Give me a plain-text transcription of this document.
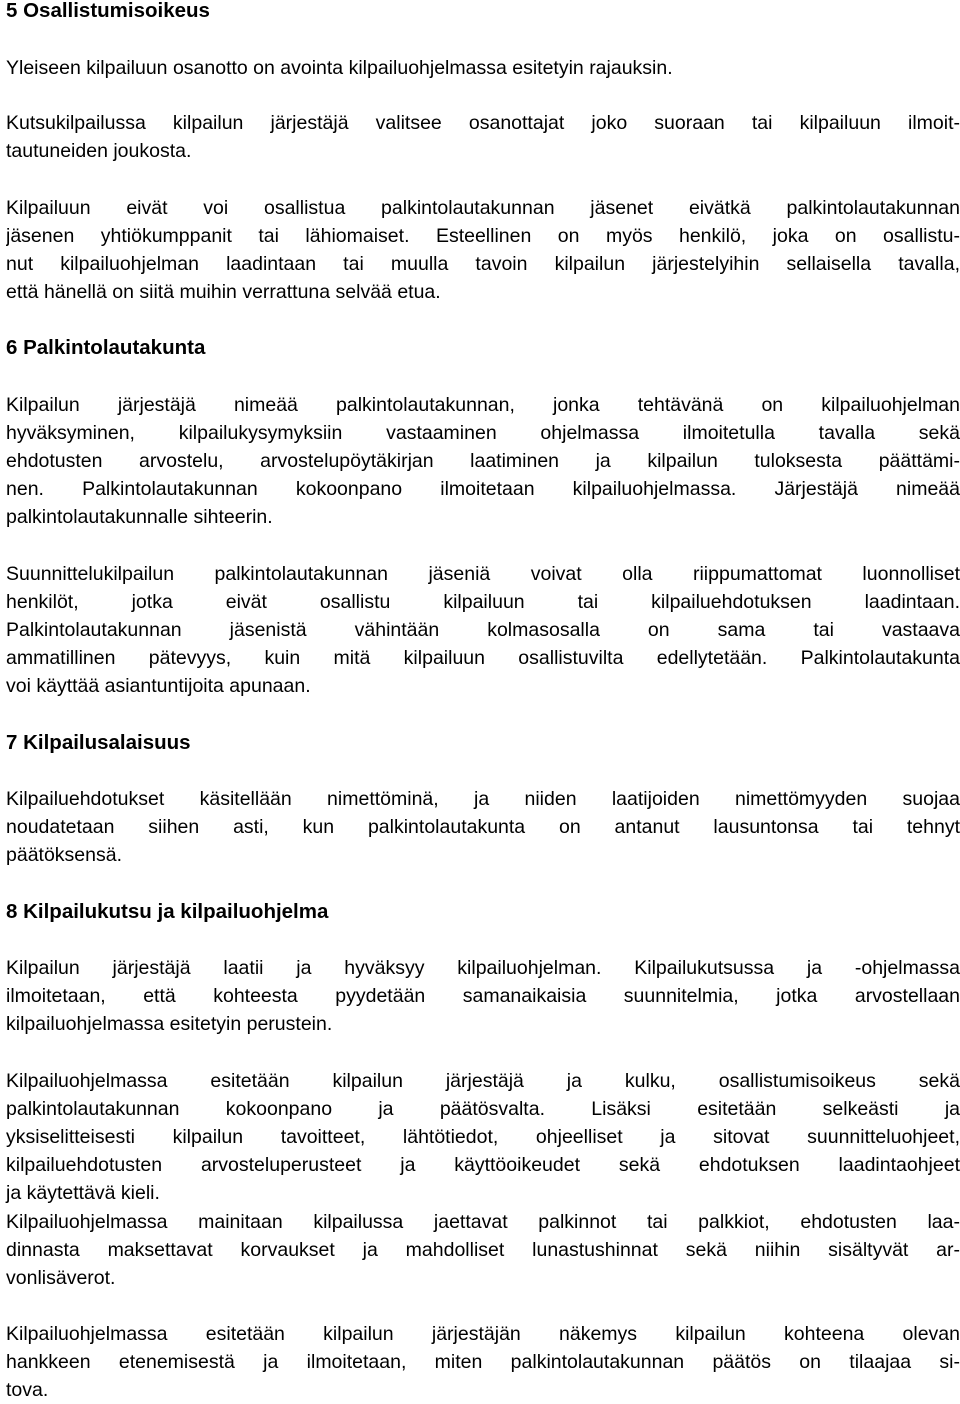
5 Osallistumisoikeus

Yleiseen kilpailuun osanotto on avointa kilpailuohjelmassa esitetyin rajauksin.

Kutsukilpailussa kilpailun järjestäjä valitsee osanottajat joko suoraan tai kilpailuun ilmoit-
tautuneiden joukosta.

Kilpailuun eivät voi osallistua palkintolautakunnan jäsenet eivätkä palkintolautakunnan
jäsenen yhtiökumppanit tai lähiomaiset. Esteellinen on myös henkilö, joka on osallistu-
nut kilpailuohjelman laadintaan tai muulla tavoin kilpailun järjestelyihin sellaisella tavalla,
että hänellä on siitä muihin verrattuna selvää etua.

6 Palkintolautakunta

Kilpailun järjestäjä nimeää palkintolautakunnan, jonka tehtävänä on kilpailuohjelman
hyväksyminen, kilpailukysymyksiin vastaaminen ohjelmassa ilmoitetulla tavalla sekä
ehdotusten arvostelu, arvostelupöytäkirjan laatiminen ja kilpailun tuloksesta päättämi-
nen. Palkintolautakunnan kokoonpano ilmoitetaan kilpailuohjelmassa. Järjestäjä nimeää
palkintolautakunnalle sihteerin.

Suunnittelukilpailun palkintolautakunnan jäseniä voivat olla riippumattomat luonnolliset
henkilöt, jotka eivät osallistu kilpailuun tai kilpailuehdotuksen laadintaan.
Palkintolautakunnan jäsenistä vähintään kolmasosalla on sama tai vastaava
ammatillinen pätevyys, kuin mitä kilpailuun osallistuvilta edellytetään. Palkintolautakunta
voi käyttää asiantuntijoita apunaan.

7 Kilpailusalaisuus

Kilpailuehdotukset käsitellään nimettöminä, ja niiden laatijoiden nimettömyyden suojaa
noudatetaan siihen asti, kun palkintolautakunta on antanut lausuntonsa tai tehnyt
päätöksensä.

8 Kilpailukutsu ja kilpailuohjelma

Kilpailun järjestäjä laatii ja hyväksyy kilpailuohjelman. Kilpailukutsussa ja -ohjelmassa
ilmoitetaan, että kohteesta pyydetään samanaikaisia suunnitelmia, jotka arvostellaan
kilpailuohjelmassa esitetyin perustein.

Kilpailuohjelmassa esitetään kilpailun järjestäjä ja kulku, osallistumisoikeus sekä
palkintolautakunnan kokoonpano ja päätösvalta. Lisäksi esitetään selkeästi ja
yksiselitteisesti kilpailun tavoitteet, lähtötiedot, ohjeelliset ja sitovat suunnitteluohjeet,
kilpailuehdotusten arvosteluperusteet ja käyttöoikeudet sekä ehdotuksen laadintaohjeet
ja käytettävä kieli.

Kilpailuohjelmassa mainitaan kilpailussa jaettavat palkinnot tai palkkiot, ehdotusten laa-
dinnasta maksettavat korvaukset ja mahdolliset lunastushinnat sekä niihin sisältyvät ar-
vonlisäverot.

Kilpailuohjelmassa esitetään kilpailun järjestäjän näkemys kilpailun kohteena olevan
hankkeen etenemisestä ja ilmoitetaan, miten palkintolautakunnan päätös on tilaajaa si-
tova.
